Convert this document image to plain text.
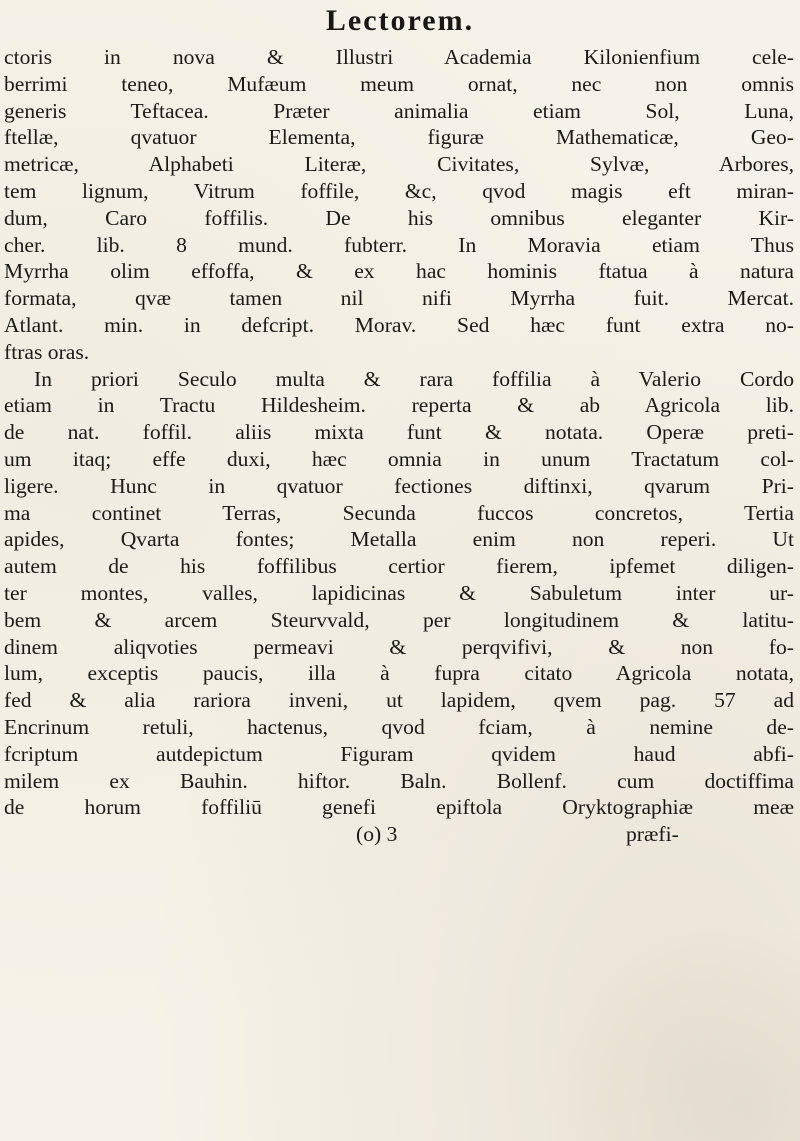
Lectorem.
ctoris in nova & Illustri Academia Kilonienfium cele-
berrimi teneo, Mufæum meum ornat, nec non omnis
generis Teftacea. Præter animalia etiam Sol, Luna,
ftellæ, qvatuor Elementa, figuræ Mathematicæ, Geo-
metricæ, Alphabeti Literæ, Civitates, Sylvæ, Arbores,
tem lignum, Vitrum foffile, &c, qvod magis eft miran-
dum, Caro foffilis. De his omnibus eleganter Kir-
cher. lib. 8 mund. fubterr. In Moravia etiam Thus
Myrrha olim effoffa, & ex hac hominis ftatua à natura
formata, qvæ tamen nil nifi Myrrha fuit. Mercat.
Atlant. min. in defcript. Morav. Sed hæc funt extra no-
ftras oras.
In priori Seculo multa & rara foffilia à Valerio Cordo
etiam in Tractu Hildesheim. reperta & ab Agricola lib.
de nat. foffil. aliis mixta funt & notata. Operæ preti-
um itaq; effe duxi, hæc omnia in unum Tractatum col-
ligere. Hunc in qvatuor fectiones diftinxi, qvarum Pri-
ma continet Terras, Secunda fuccos concretos, Tertia
apides, Qvarta fontes; Metalla enim non reperi. Ut
autem de his foffilibus certior fierem, ipfemet diligen-
ter montes, valles, lapidicinas & Sabuletum inter ur-
bem & arcem Steurvvald, per longitudinem & latitu-
dinem aliqvoties permeavi & perqvifivi, & non fo-
lum, exceptis paucis, illa à fupra citato Agricola notata,
fed & alia rariora inveni, ut lapidem, qvem pag. 57 ad
Encrinum retuli, hactenus, qvod fciam, à nemine de-
fcriptum autdepictum Figuram qvidem haud abfi-
milem ex Bauhin. hiftor. Baln. Bollenf. cum doctiffima
de horum foffiliū genefi epiftola Oryktographiæ meæ
(o) 3	præfi-
